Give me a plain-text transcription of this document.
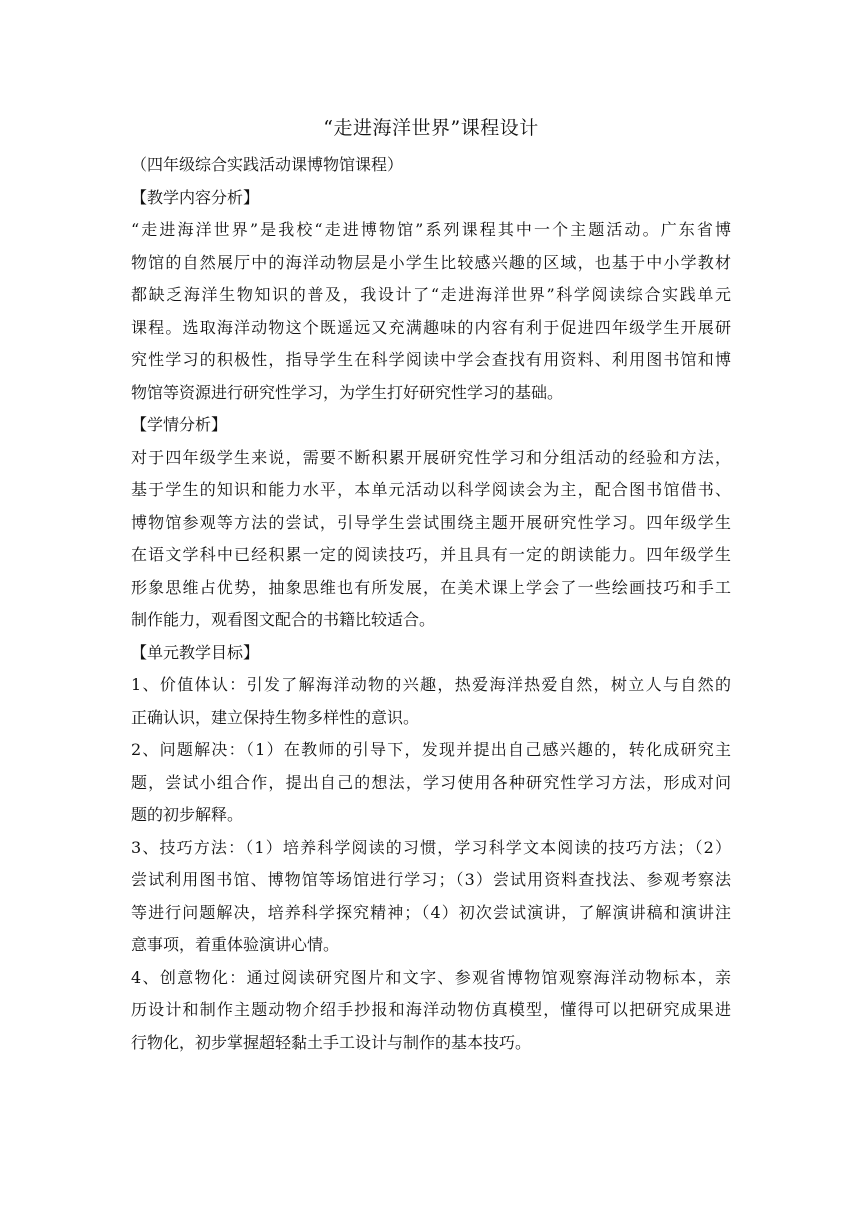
“走进海洋世界”课程设计

（四年级综合实践活动课博物馆课程）

【教学内容分析】

“走进海洋世界”是我校“走进博物馆”系列课程其中一个主题活动。广东省博

物馆的自然展厅中的海洋动物层是小学生比较感兴趣的区域，也基于中小学教材

都缺乏海洋生物知识的普及，我设计了“走进海洋世界”科学阅读综合实践单元

课程。选取海洋动物这个既遥远又充满趣味的内容有利于促进四年级学生开展研

究性学习的积极性，指导学生在科学阅读中学会查找有用资料、利用图书馆和博

物馆等资源进行研究性学习，为学生打好研究性学习的基础。

【学情分析】

对于四年级学生来说，需要不断积累开展研究性学习和分组活动的经验和方法，

基于学生的知识和能力水平，本单元活动以科学阅读会为主，配合图书馆借书、

博物馆参观等方法的尝试，引导学生尝试围绕主题开展研究性学习。四年级学生

在语文学科中已经积累一定的阅读技巧，并且具有一定的朗读能力。四年级学生

形象思维占优势，抽象思维也有所发展，在美术课上学会了一些绘画技巧和手工

制作能力，观看图文配合的书籍比较适合。

【单元教学目标】

1、价值体认：引发了解海洋动物的兴趣，热爱海洋热爱自然，树立人与自然的

正确认识，建立保持生物多样性的意识。

2、问题解决：（1）在教师的引导下，发现并提出自己感兴趣的，转化成研究主

题，尝试小组合作，提出自己的想法，学习使用各种研究性学习方法，形成对问

题的初步解释。

3、技巧方法：（1）培养科学阅读的习惯，学习科学文本阅读的技巧方法；（2）

尝试利用图书馆、博物馆等场馆进行学习；（3）尝试用资料查找法、参观考察法

等进行问题解决，培养科学探究精神；（4）初次尝试演讲，了解演讲稿和演讲注

意事项，着重体验演讲心情。

4、创意物化：通过阅读研究图片和文字、参观省博物馆观察海洋动物标本，亲

历设计和制作主题动物介绍手抄报和海洋动物仿真模型，懂得可以把研究成果进

行物化，初步掌握超轻黏土手工设计与制作的基本技巧。
